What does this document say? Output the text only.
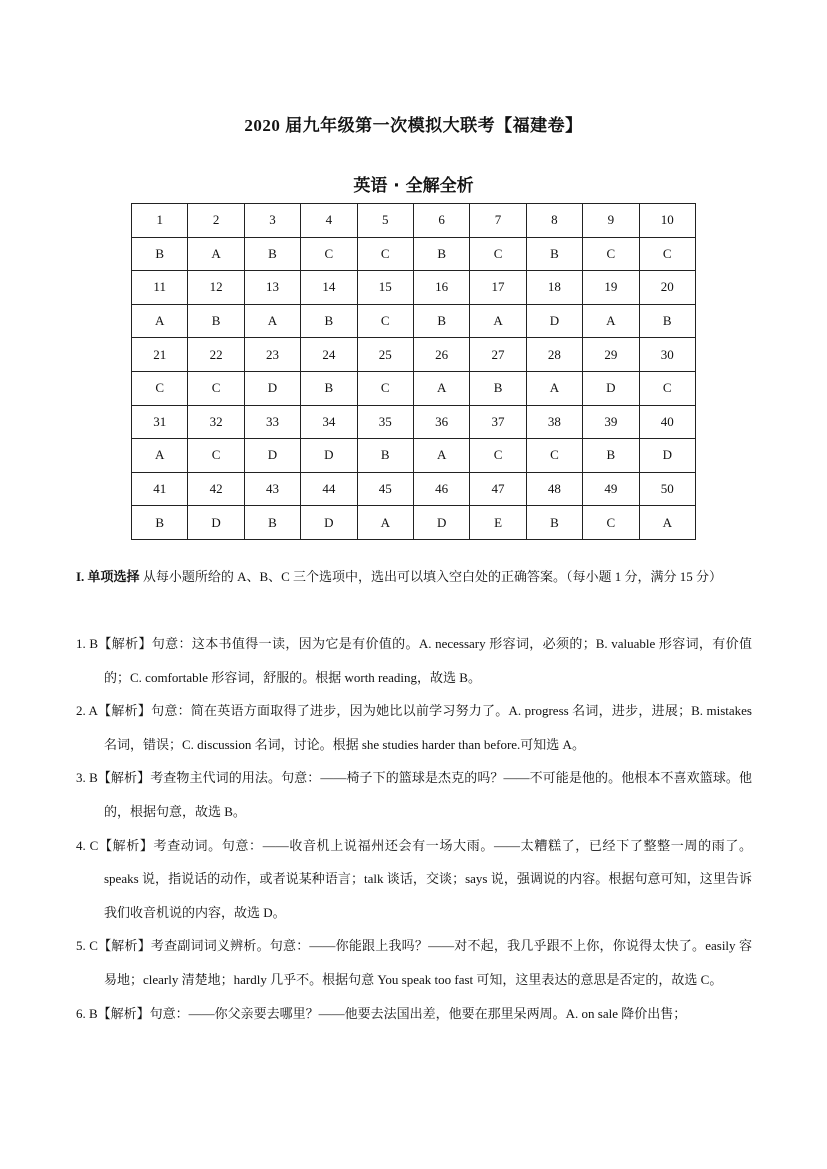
2020 届九年级第一次模拟大联考【福建卷】
英语 · 全解全析
1	2	3	4	5	6	7	8	9	10
B	A	B	C	C	B	C	B	C	C
11	12	13	14	15	16	17	18	19	20
A	B	A	B	C	B	A	D	A	B
21	22	23	24	25	26	27	28	29	30
C	C	D	B	C	A	B	A	D	C
31	32	33	34	35	36	37	38	39	40
A	C	D	D	B	A	C	C	B	D
41	42	43	44	45	46	47	48	49	50
B	D	B	D	A	D	E	B	C	A
I. 单项选择 从每小题所给的 A、B、C 三个选项中，选出可以填入空白处的正确答案。（每小题 1 分，满分 15 分）
1. B【解析】句意：这本书值得一读，因为它是有价值的。A. necessary 形容词，必须的；B. valuable 形容词，有价值的；C. comfortable 形容词，舒服的。根据 worth reading，故选 B。
2. A【解析】句意：简在英语方面取得了进步，因为她比以前学习努力了。A. progress 名词，进步，进展；B. mistakes 名词，错误；C. discussion 名词，讨论。根据 she studies harder than before.可知选 A。
3. B【解析】考查物主代词的用法。句意：——椅子下的篮球是杰克的吗？——不可能是他的。他根本不喜欢篮球。他的，根据句意，故选 B。
4. C【解析】考查动词。句意：——收音机上说福州还会有一场大雨。——太糟糕了，已经下了整整一周的雨了。speaks 说，指说话的动作，或者说某种语言；talk 谈话，交谈；says 说，强调说的内容。根据句意可知，这里告诉我们收音机说的内容，故选 D。
5. C【解析】考查副词词义辨析。句意：——你能跟上我吗？——对不起，我几乎跟不上你，你说得太快了。easily 容易地；clearly 清楚地；hardly 几乎不。根据句意 You speak too fast 可知，这里表达的意思是否定的，故选 C。
6. B【解析】句意：——你父亲要去哪里？——他要去法国出差，他要在那里呆两周。A. on sale 降价出售；
